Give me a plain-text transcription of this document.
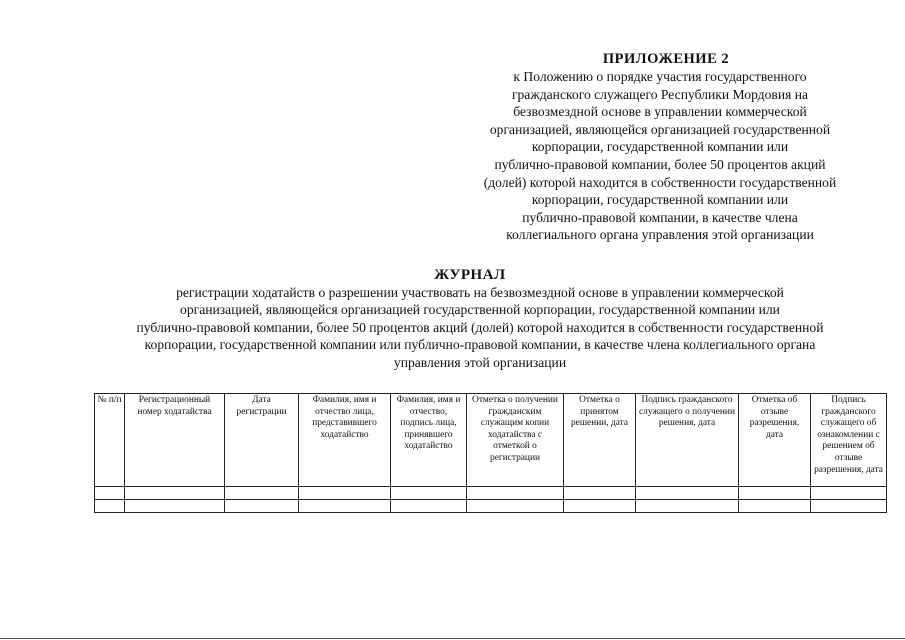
ПРИЛОЖЕНИЕ 2
к Положению о порядке участия государственного
гражданского служащего Республики Мордовия на
безвозмездной основе в управлении коммерческой
организацией, являющейся организацией государственной
корпорации, государственной компании или
публично-правовой компании, более 50 процентов акций
(долей) которой находится в собственности государственной
корпорации, государственной компании или
публично-правовой компании, в качестве члена
коллегиального органа управления этой организации
ЖУРНАЛ
регистрации ходатайств о разрешении участвовать на безвозмездной основе в управлении коммерческой
организацией, являющейся организацией государственной корпорации, государственной компании или
публично-правовой компании, более 50 процентов акций (долей) которой находится в собственности государственной
корпорации, государственной компании или публично-правовой компании, в качестве члена коллегиального органа
управления этой организации
№ п/п	Регистрационный номер ходатайства	Дата регистрации	Фамилия, имя и отчество лица, представившего ходатайство	Фамилия, имя и отчество, подпись лица, принявшего ходатайство	Отметка о получении гражданским служащим копии ходатайства с отметкой о регистрации	Отметка о принятом решении, дата	Подпись гражданского служащего о получении решения, дата	Отметка об отзыве разрешения, дата	Подпись гражданского служащего об ознакомлении с решением об отзыве разрешения, дата
